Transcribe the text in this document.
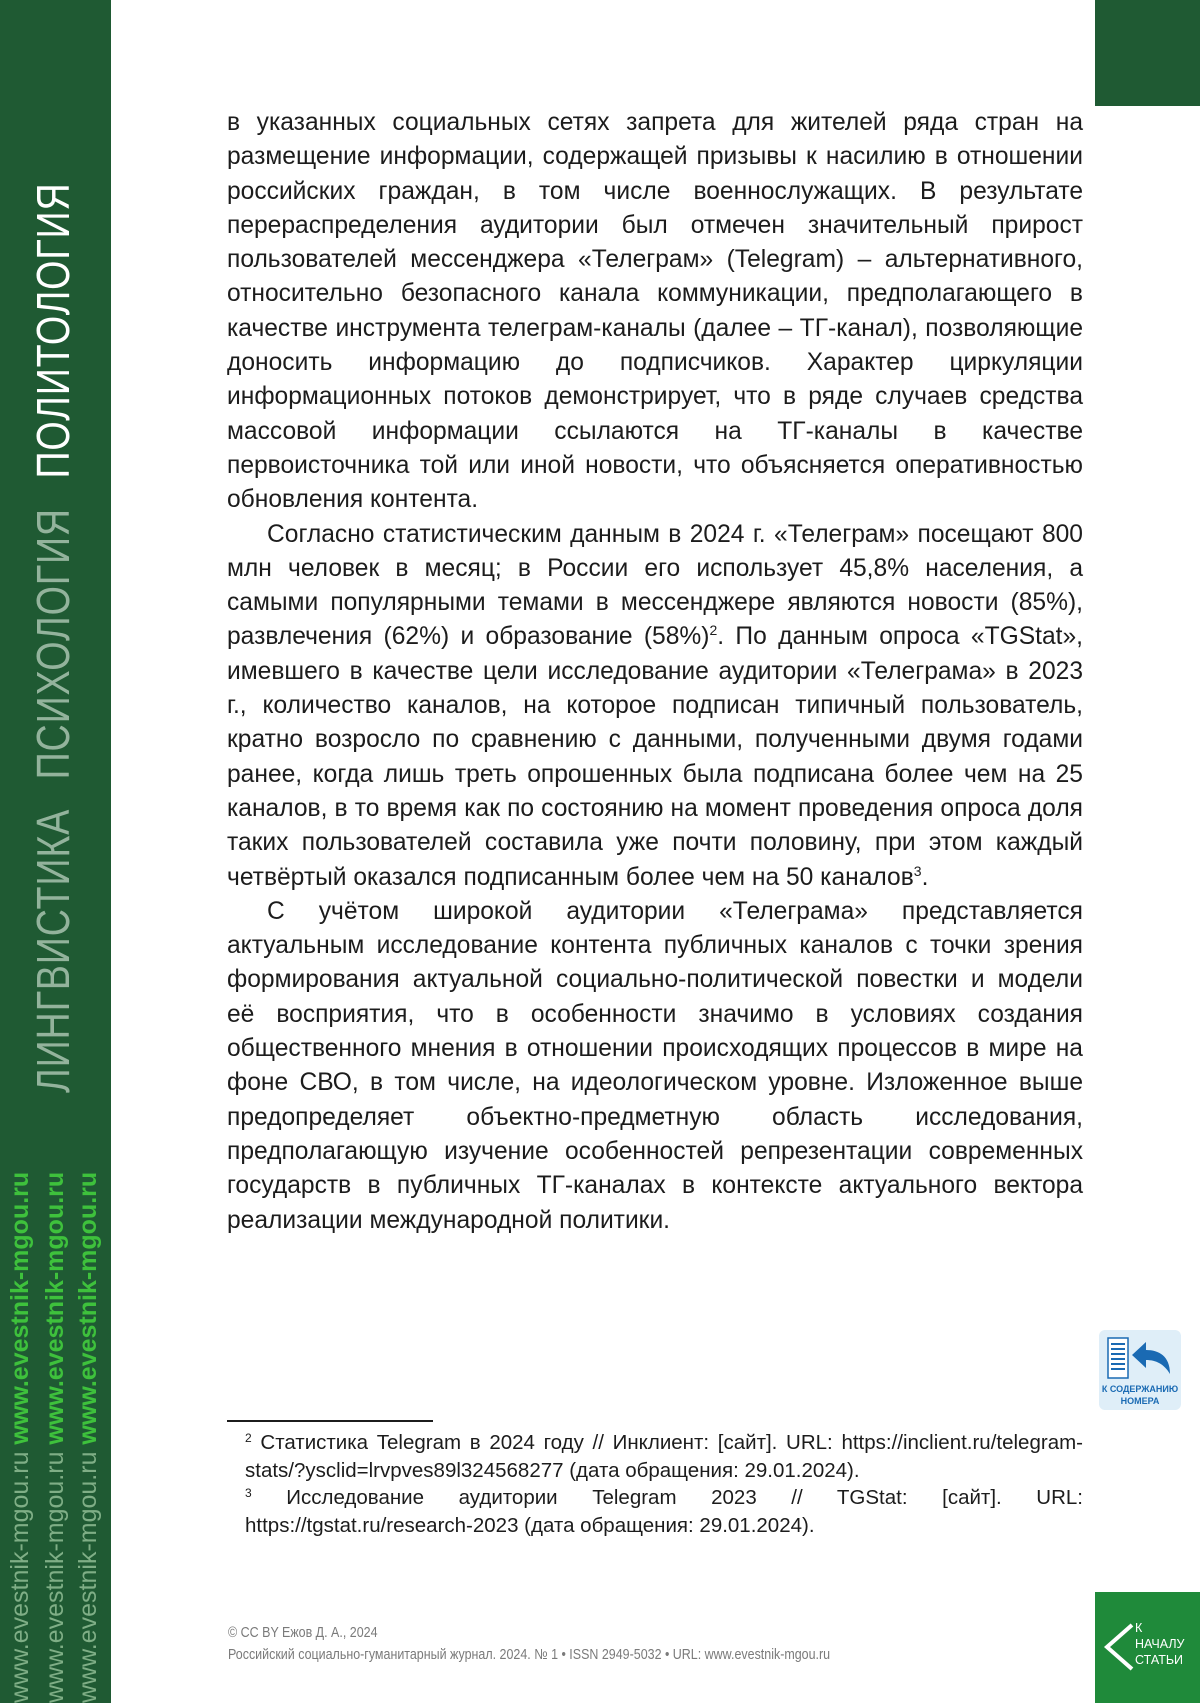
ЛИНГВИСТИКАПСИХОЛОГИЯПОЛИТОЛОГИЯ
www.evestnik-mgou.ru www.evestnik-mgou.ru
www.evestnik-mgou.ru www.evestnik-mgou.ru
www.evestnik-mgou.ru www.evestnik-mgou.ru

в указанных социальных сетях запрета для жителей ряда стран на размещение информации, содержащей призывы к насилию в отношении российских граждан, в том числе военнослужащих. В результате перераспределения аудитории был отмечен значительный прирост пользователей мессенджера «Телеграм» (Telegram) – альтернативного, относительно безопасного канала коммуникации, предполагающего в качестве инструмента телеграм-каналы (далее – ТГ-канал), позволяющие доносить информацию до подписчиков. Характер циркуляции информационных потоков демонстрирует, что в ряде случаев средства массовой информации ссылаются на ТГ-каналы в качестве первоисточника той или иной новости, что объясняется оперативностью обновления контента.

Согласно статистическим данным в 2024 г. «Телеграм» посещают 800 млн человек в месяц; в России его использует 45,8% населения, а самыми популярными темами в мессенджере являются новости (85%), развлечения (62%) и образование $(58\%)^2$. По данным опроса «TGStat», имевшего в качестве цели исследование аудитории «Телеграма» в 2023 г., количество каналов, на которое подписан типичный пользователь, кратно возросло по сравнению с данными, полученными двумя годами ранее, когда лишь треть опрошенных была подписана более чем на 25 каналов, в то время как по состоянию на момент проведения опроса доля таких пользователей составила уже почти половину, при этом каждый четвёртый оказался подписанным более чем на 50 каналов$^3$.

С учётом широкой аудитории «Телеграма» представляется актуальным исследование контента публичных каналов с точки зрения формирования актуальной социально-политической повестки и модели её восприятия, что в особенности значимо в условиях создания общественного мнения в отношении происходящих процессов в мире на фоне СВО, в том числе, на идеологическом уровне. Изложенное выше предопределяет объектно-предметную область исследования, предполагающую изучение особенностей репрезентации современных государств в публичных ТГ-каналах в контексте актуального вектора реализации международной политики.

$^2$ Статистика Telegram в 2024 году // Инклиент: [сайт]. URL: https://inclient.ru/telegram-stats/?ysclid=lrvpves89l324568277 (дата обращения: 29.01.2024).

$^3$ Исследование аудитории Telegram 2023 // TGStat: [сайт]. URL: https://tgstat.ru/research-2023 (дата обращения: 29.01.2024).

© CC BY Ежов Д. А., 2024
Российский социально-гуманитарный журнал. 2024. № 1 • ISSN 2949-5032 • URL: www.evestnik-mgou.ru
К СОДЕРЖАНИЮ
НОМЕРА
К
НАЧАЛУ
СТАТЬИ
